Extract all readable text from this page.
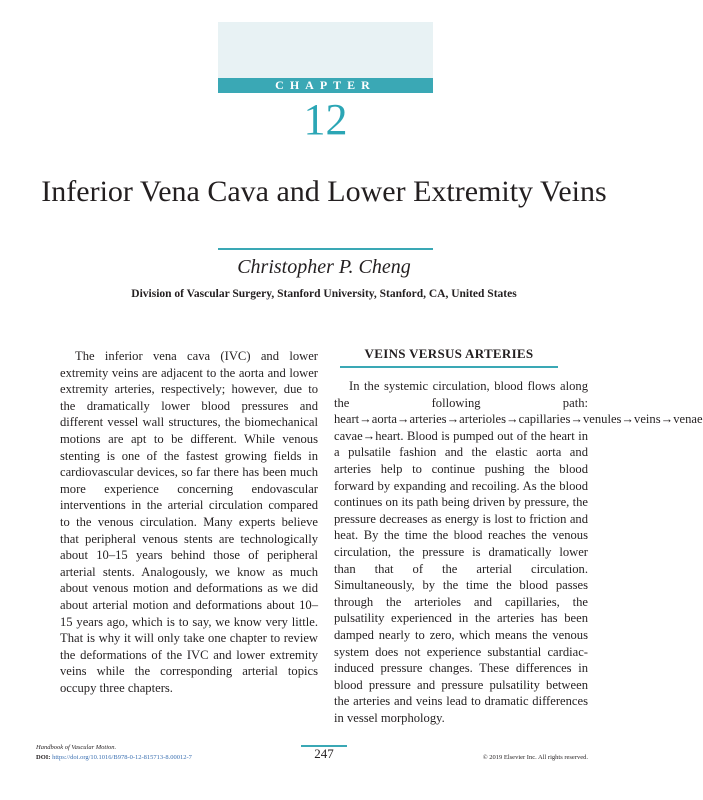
CHAPTER
12
Inferior Vena Cava and Lower Extremity Veins
Christopher P. Cheng
Division of Vascular Surgery, Stanford University, Stanford, CA, United States

The inferior vena cava (IVC) and lower extremity veins are adjacent to the aorta and lower extremity arteries, respectively; however, due to the dramatically lower blood pressures and different vessel wall structures, the biomechanical motions are apt to be different. While venous stenting is one of the fastest growing fields in cardiovascular devices, so far there has been much more experience concerning endovascular interventions in the arterial circulation compared to the venous circulation. Many experts believe that peripheral venous stents are technologically about 10–15 years behind those of peripheral arterial stents. Analogously, we know as much about venous motion and deformations as we did about arterial motion and deformations about 10–15 years ago, which is to say, we know very little. That is why it will only take one chapter to review the deformations of the IVC and lower extremity veins while the corresponding arterial topics occupy three chapters.

VEINS VERSUS ARTERIES

In the systemic circulation, blood flows along the following path: heart→aorta→arteries→arterioles→capillaries→venules→veins→venae cavae→heart. Blood is pumped out of the heart in a pulsatile fashion and the elastic aorta and arteries help to continue pushing the blood forward by expanding and recoiling. As the blood continues on its path being driven by pressure, the pressure decreases as energy is lost to friction and heat. By the time the blood reaches the venous circulation, the pressure is dramatically lower than that of the arterial circulation. Simultaneously, by the time the blood passes through the arterioles and capillaries, the pulsatility experienced in the arteries has been damped nearly to zero, which means the venous system does not experience substantial cardiac-induced pressure changes. These differences in blood pressure and pressure pulsatility between the arteries and veins lead to dramatic differences in vessel morphology.

Handbook of Vascular Motion.
DOI: https://doi.org/10.1016/B978-0-12-815713-8.00012-7	247	© 2019 Elsevier Inc. All rights reserved.
